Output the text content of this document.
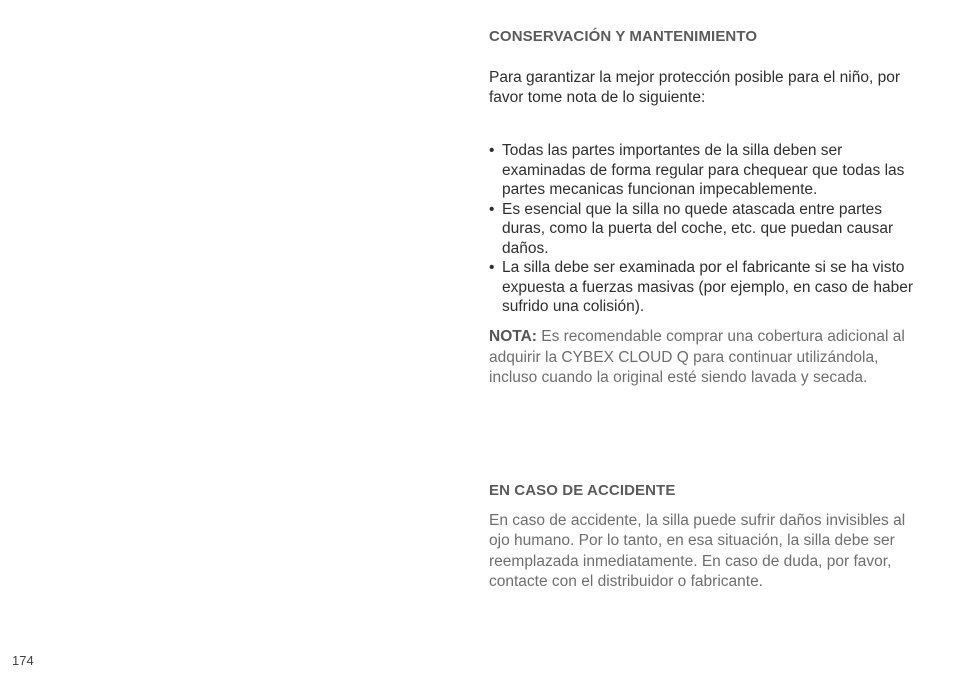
CONSERVACIÓN Y MANTENIMIENTO
Para garantizar la mejor protección posible para el niño, por favor tome nota de lo siguiente:
• Todas las partes importantes de la silla deben ser examinadas de forma regular para chequear que todas las partes mecanicas funcionan impecablemente.
• Es esencial que la silla no quede atascada entre partes duras, como la puerta del coche, etc. que puedan causar daños.
• La silla debe ser examinada por el fabricante si se ha visto expuesta a fuerzas masivas (por ejemplo, en caso de haber sufrido una colisión).
NOTA: Es recomendable comprar una cobertura adicional al adquirir la CYBEX CLOUD Q para continuar utilizándola, incluso cuando la original esté siendo lavada y secada.
EN CASO DE ACCIDENTE
En caso de accidente, la silla puede sufrir daños invisibles al ojo humano. Por lo tanto, en esa situación, la silla debe ser reemplazada inmediatamente. En caso de duda, por favor, contacte con el distribuidor o fabricante.
174
